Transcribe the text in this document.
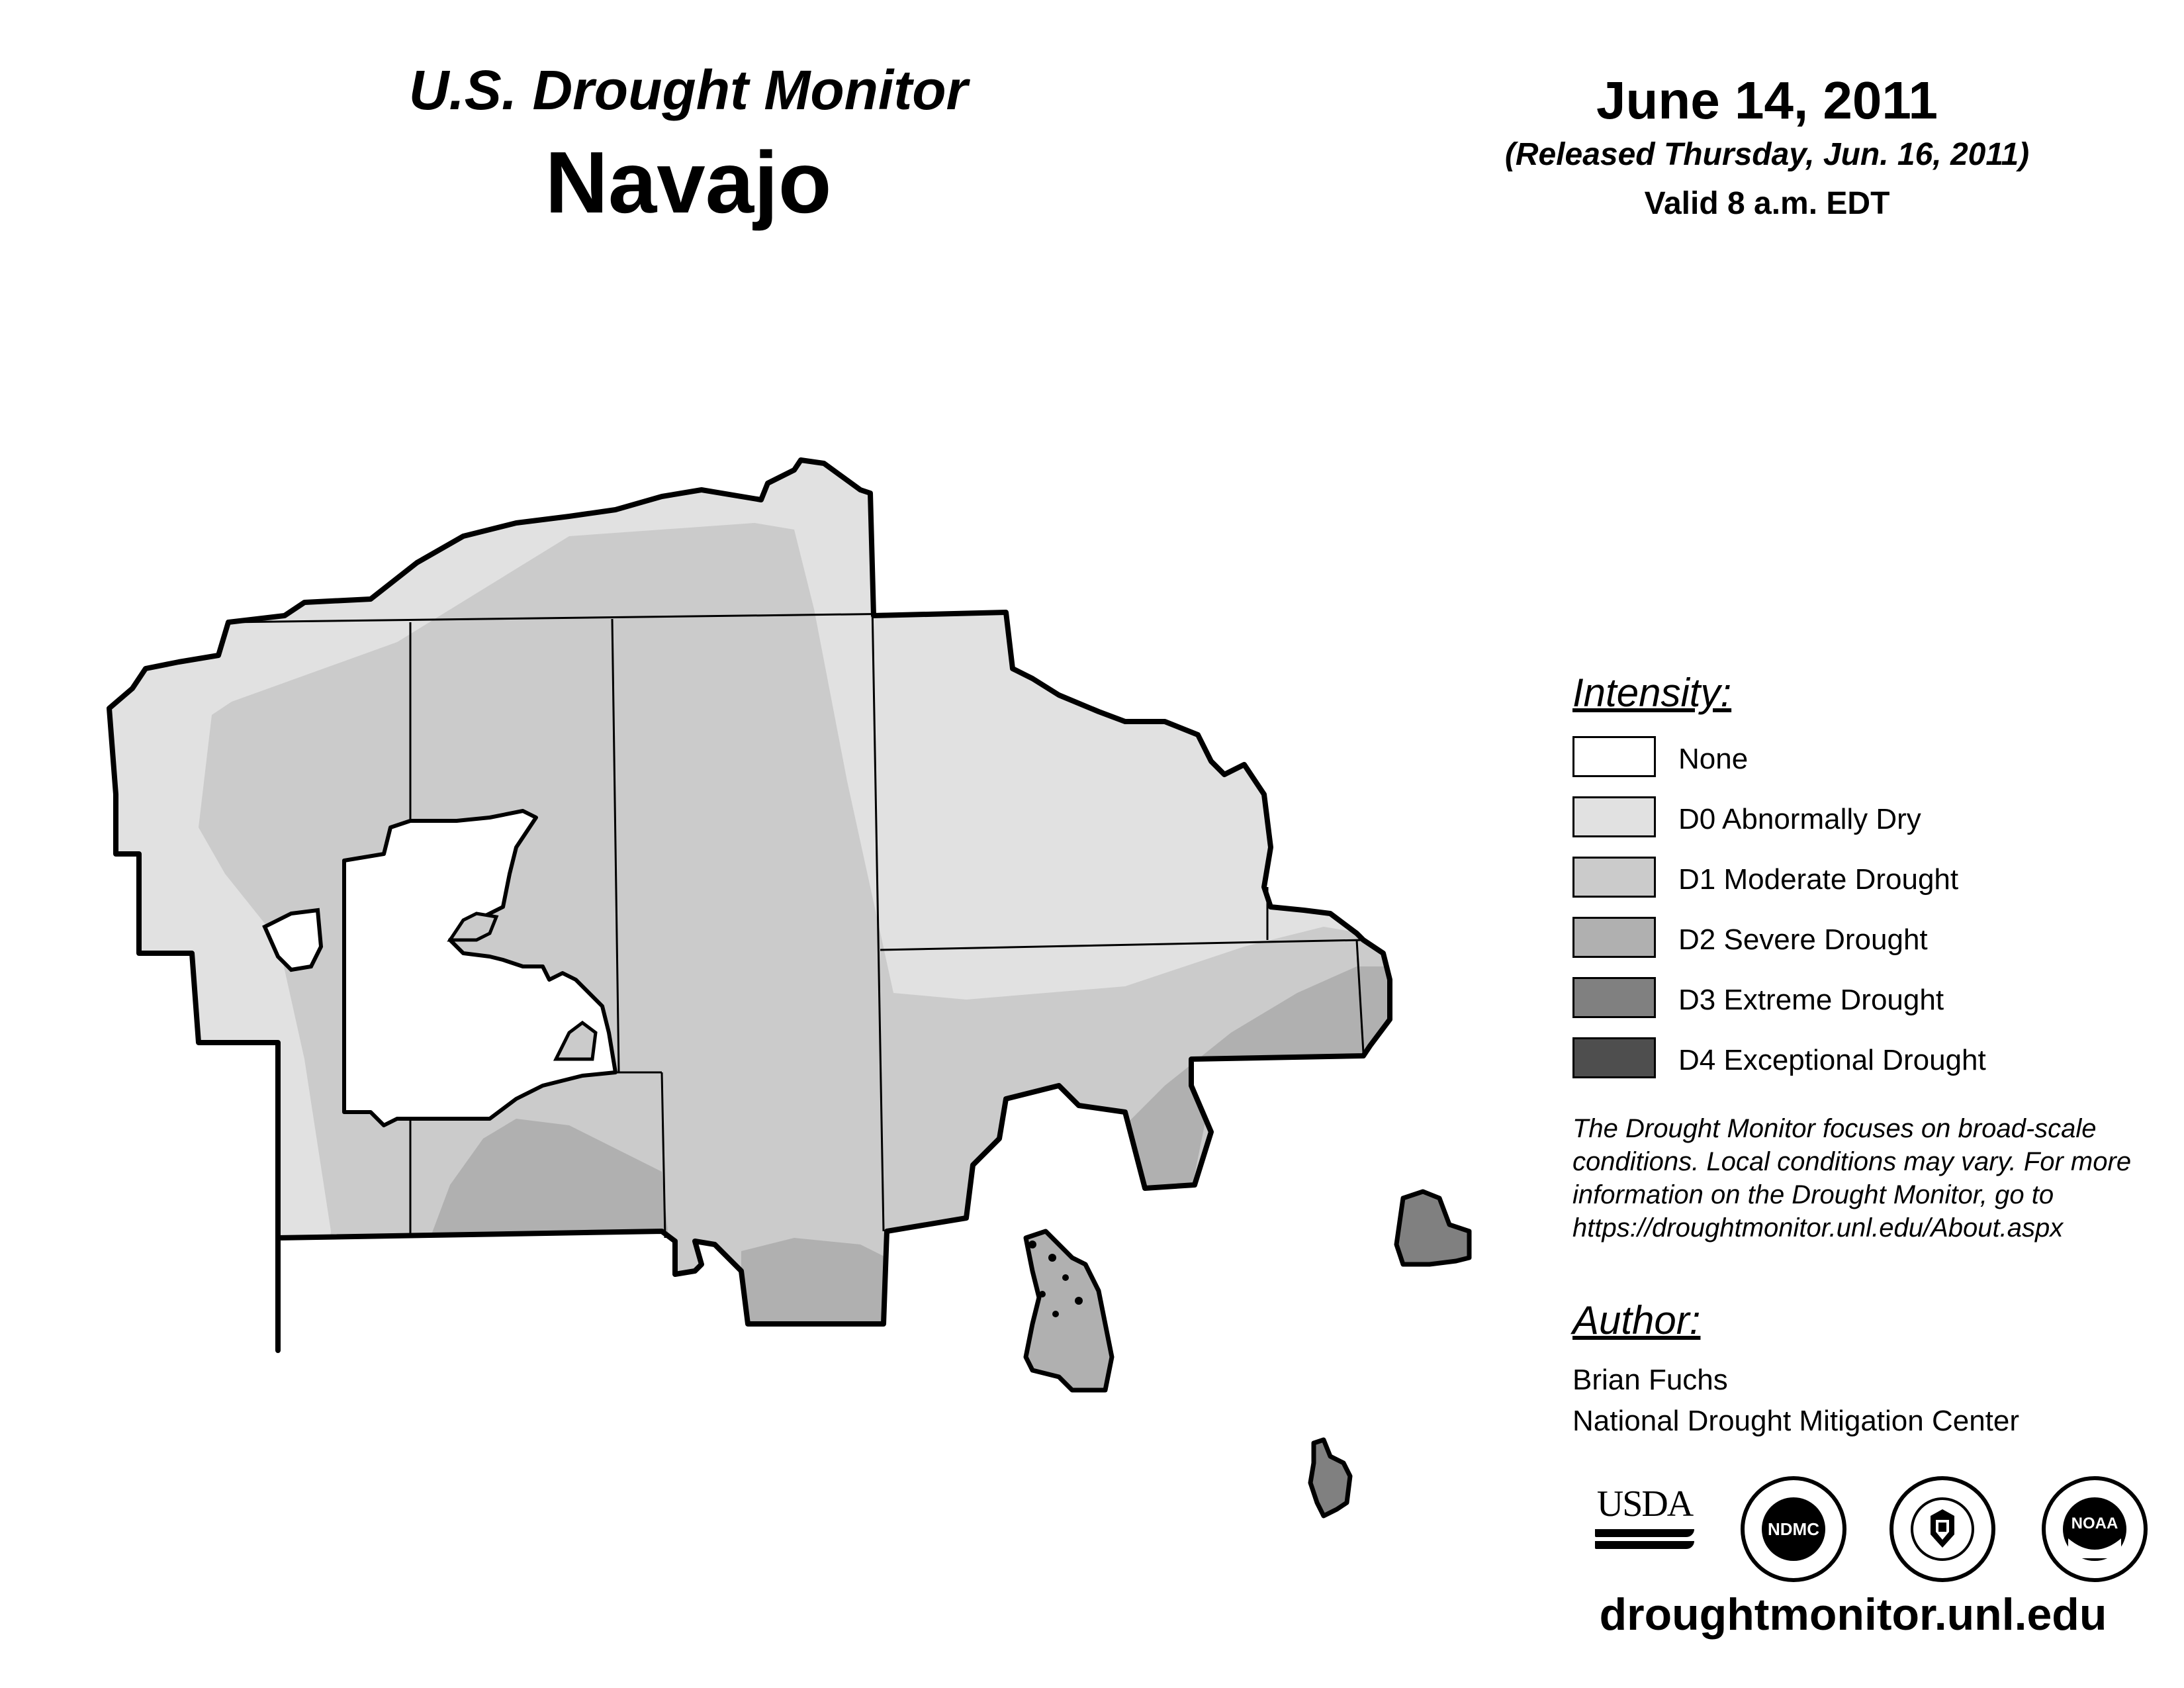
U.S. Drought Monitor
Navajo
June 14, 2011
(Released Thursday, Jun. 16, 2011)
Valid 8 a.m. EDT
Intensity:
None
D0 Abnormally Dry
D1 Moderate Drought
D2 Severe Drought
D3 Extreme Drought
D4 Exceptional Drought
The Drought Monitor focuses on broad-scale conditions. Local conditions may vary. For more information on the Drought Monitor, go to https://droughtmonitor.unl.edu/About.aspx
Author:
Brian Fuchs
National Drought Mitigation Center
USDA
NDMC	NOAA
droughtmonitor.unl.edu
